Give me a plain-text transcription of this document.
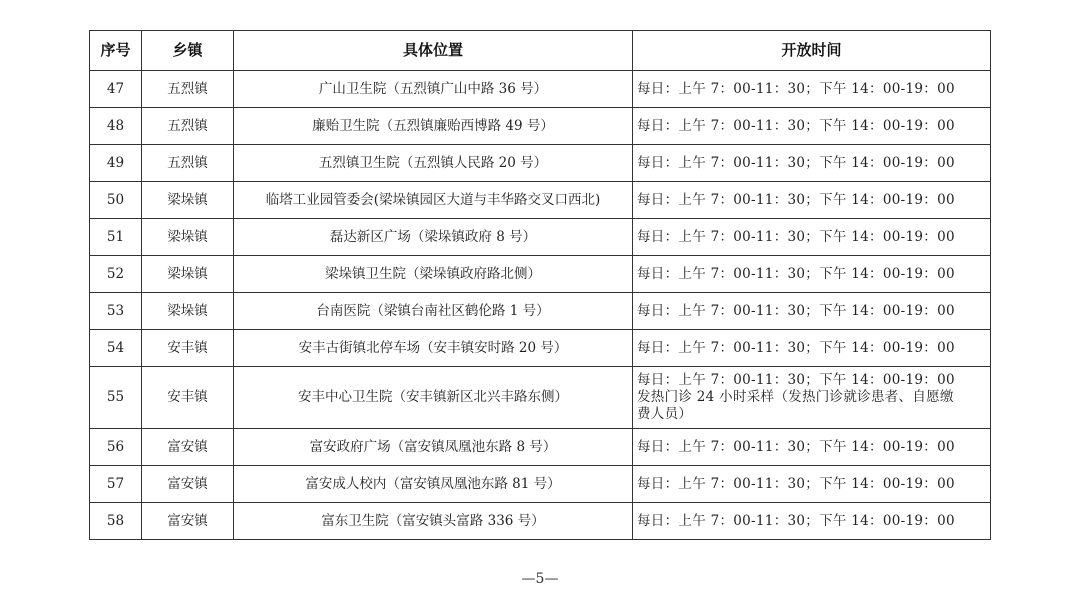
序号	乡镇	具体位置	开放时间
47	五烈镇	广山卫生院（五烈镇广山中路 36 号）	每日：上午 7：00-11：30；下午 14：00-19：00

48	五烈镇	廉贻卫生院（五烈镇廉贻西博路 49 号）	每日：上午 7：00-11：30；下午 14：00-19：00

49	五烈镇	五烈镇卫生院（五烈镇人民路 20 号）	每日：上午 7：00-11：30；下午 14：00-19：00

50	梁垛镇	临塔工业园管委会(梁垛镇园区大道与丰华路交叉口西北)	每日：上午 7：00-11：30；下午 14：00-19：00

51	梁垛镇	磊达新区广场（梁垛镇政府 8 号）	每日：上午 7：00-11：30；下午 14：00-19：00

52	梁垛镇	梁垛镇卫生院（梁垛镇政府路北侧）	每日：上午 7：00-11：30；下午 14：00-19：00

53	梁垛镇	台南医院（梁镇台南社区鹤伦路 1 号）	每日：上午 7：00-11：30；下午 14：00-19：00

54	安丰镇	安丰古街镇北停车场（安丰镇安时路 20 号）	每日：上午 7：00-11：30；下午 14：00-19：00

55	安丰镇	安丰中心卫生院（安丰镇新区北兴丰路东侧）	每日：上午 7：00-11：30；下午 14：00-19：00
发热门诊 24 小时采样（发热门诊就诊患者、自愿缴
费人员）

56	富安镇	富安政府广场（富安镇凤凰池东路 8 号）	每日：上午 7：00-11：30；下午 14：00-19：00

57	富安镇	富安成人校内（富安镇凤凰池东路 81 号）	每日：上午 7：00-11：30；下午 14：00-19：00

58	富安镇	富东卫生院（富安镇头富路 336 号）	每日：上午 7：00-11：30；下午 14：00-19：00
—5—
